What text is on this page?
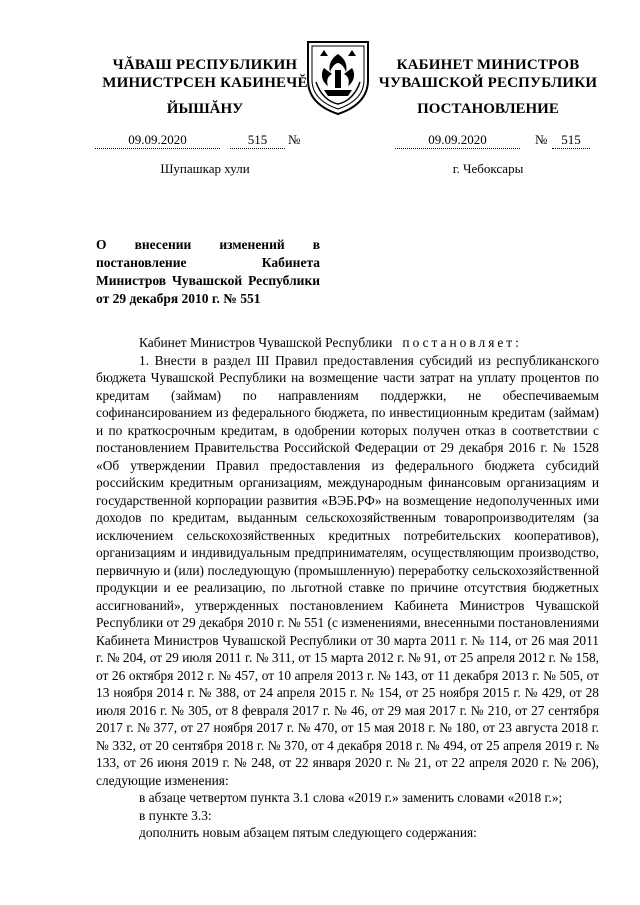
ЧĂВАШ РЕСПУБЛИКИН
МИНИСТРСЕН КАБИНЕЧĔ
ЙЫШĂНУ
09.09.2020	515	№
Шупашкар хули
КАБИНЕТ МИНИСТРОВ
ЧУВАШСКОЙ РЕСПУБЛИКИ
ПОСТАНОВЛЕНИЕ
09.09.2020	№	515
г. Чебоксары
О внесении изменений в постановление Кабинета Министров Чувашской Республики от 29 декабря 2010 г. № 551

Кабинет Министров Чувашской Республики постановляет:

1. Внести в раздел III Правил предоставления субсидий из республиканского бюджета Чувашской Республики на возмещение части затрат на уплату процентов по кредитам (займам) по направлениям поддержки, не обеспечиваемым софинансированием из федерального бюджета, по инвестиционным кредитам (займам) и по краткосрочным кредитам, в одобрении которых получен отказ в соответствии с постановлением Правительства Российской Федерации от 29 декабря 2016 г. № 1528 «Об утверждении Правил предоставления из федерального бюджета субсидий российским кредитным организациям, международным финансовым организациям и государственной корпорации развития «ВЭБ.РФ» на возмещение недополученных ими доходов по кредитам, выданным сельскохозяйственным товаропроизводителям (за исключением сельскохозяйственных кредитных потребительских кооперативов), организациям и индивидуальным предпринимателям, осуществляющим производство, первичную и (или) последующую (промышленную) переработку сельскохозяйственной продукции и ее реализацию, по льготной ставке по причине отсутствия бюджетных ассигнований», утвержденных постановлением Кабинета Министров Чувашской Республики от 29 декабря 2010 г. № 551 (с изменениями, внесенными постановлениями Кабинета Министров Чувашской Республики от 30 марта 2011 г. № 114, от 26 мая 2011 г. № 204, от 29 июля 2011 г. № 311, от 15 марта 2012 г. № 91, от 25 апреля 2012 г. № 158, от 26 октября 2012 г. № 457, от 10 апреля 2013 г. № 143, от 11 декабря 2013 г. № 505, от 13 ноября 2014 г. № 388, от 24 апреля 2015 г. № 154, от 25 ноября 2015 г. № 429, от 28 июля 2016 г. № 305, от 8 февраля 2017 г. № 46, от 29 мая 2017 г. № 210, от 27 сентября 2017 г. № 377, от 27 ноября 2017 г. № 470, от 15 мая 2018 г. № 180, от 23 августа 2018 г. № 332, от 20 сентября 2018 г. № 370, от 4 декабря 2018 г. № 494, от 25 апреля 2019 г. № 133, от 26 июня 2019 г. № 248, от 22 января 2020 г. № 21, от 22 апреля 2020 г. № 206), следующие изменения:

в абзаце четвертом пункта 3.1 слова «2019 г.» заменить словами «2018 г.»;

в пункте 3.3:

дополнить новым абзацем пятым следующего содержания:
